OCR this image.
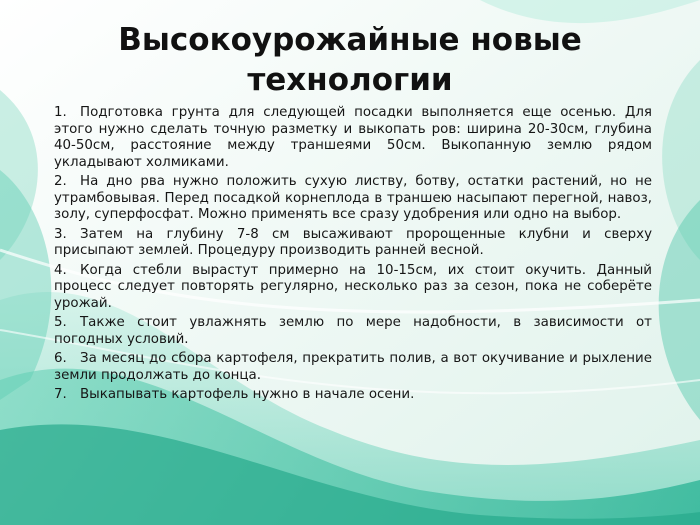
Высокоурожайные новые
технологии
1. Подготовка грунта для следующей посадки выполняется еще осенью. Для этого нужно сделать точную разметку и выкопать ров: ширина 20-30см, глубина 40-50см, расстояние между траншеями 50см. Выкопанную землю рядом укладывают холмиками.
2. На дно рва нужно положить сухую листву, ботву, остатки растений, но не утрамбовывая. Перед посадкой корнеплода в траншею насыпают перегной, навоз, золу, суперфосфат. Можно применять все сразу удобрения или одно на выбор.
3. Затем на глубину 7-8 см высаживают пророщенные клубни и сверху присыпают землей. Процедуру производить ранней весной.
4. Когда стебли вырастут примерно на 10-15см, их стоит окучить. Данный процесс следует повторять регулярно, несколько раз за сезон, пока не соберёте урожай.
5. Также стоит увлажнять землю по мере надобности, в зависимости от погодных условий.
6. За месяц до сбора картофеля, прекратить полив, а вот окучивание и рыхление земли продолжать до конца.
7. Выкапывать картофель нужно в начале осени.
